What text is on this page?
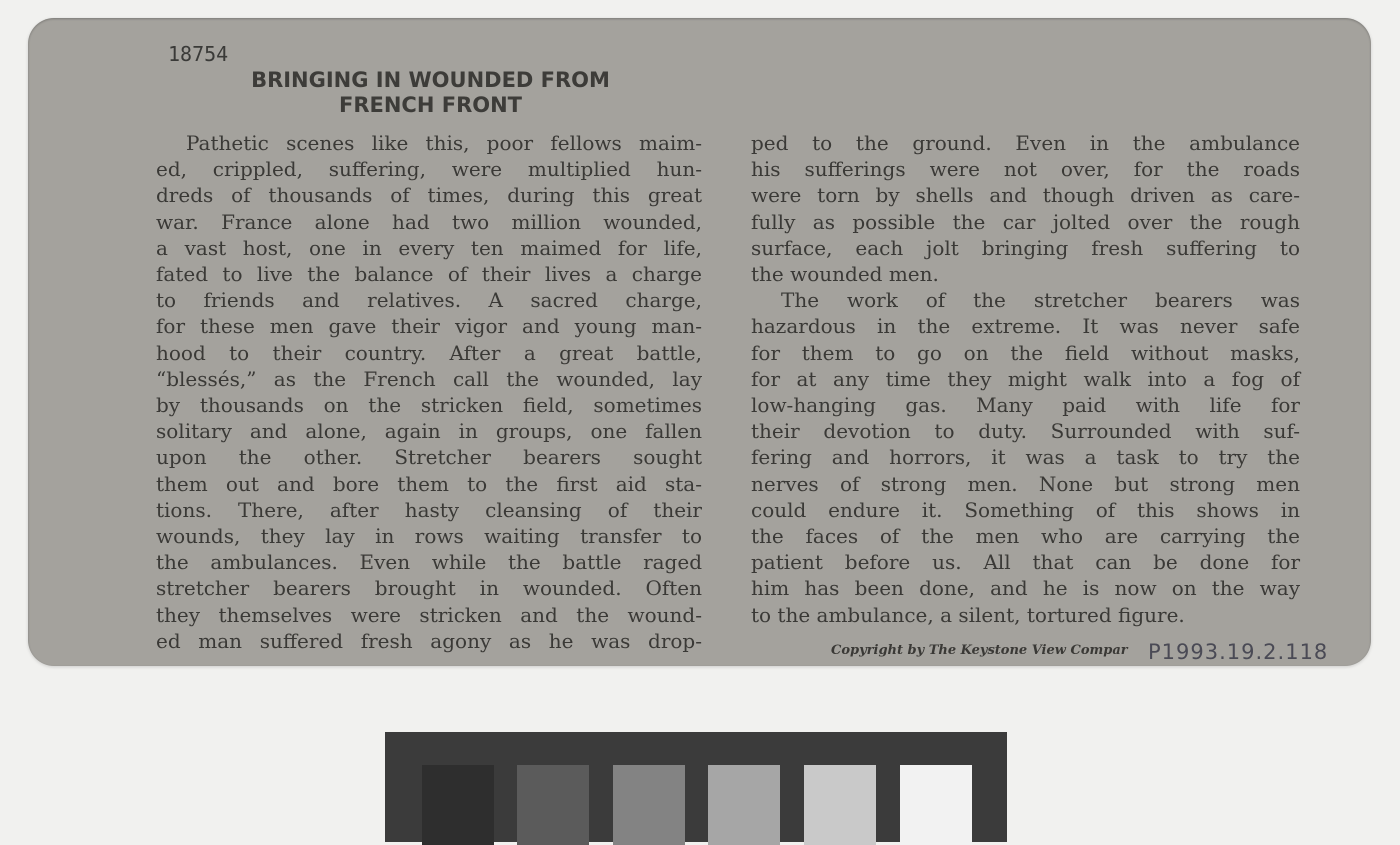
18754
BRINGING IN WOUNDED FROM
FRENCH FRONT
Pathetic scenes like this, poor fellows maim-
ed, crippled, suffering, were multiplied hun-
dreds of thousands of times, during this great
war. France alone had two million wounded,
a vast host, one in every ten maimed for life,
fated to live the balance of their lives a charge
to friends and relatives. A sacred charge,
for these men gave their vigor and young man-
hood to their country. After a great battle,
“blessés,” as the French call the wounded, lay
by thousands on the stricken field, sometimes
solitary and alone, again in groups, one fallen
upon the other. Stretcher bearers sought
them out and bore them to the first aid sta-
tions. There, after hasty cleansing of their
wounds, they lay in rows waiting transfer to
the ambulances. Even while the battle raged
stretcher bearers brought in wounded. Often
they themselves were stricken and the wound-
ed man suffered fresh agony as he was drop-
ped to the ground. Even in the ambulance
his sufferings were not over, for the roads
were torn by shells and though driven as care-
fully as possible the car jolted over the rough
surface, each jolt bringing fresh suffering to
the wounded men.
The work of the stretcher bearers was
hazardous in the extreme. It was never safe
for them to go on the field without masks,
for at any time they might walk into a fog of
low-hanging gas. Many paid with life for
their devotion to duty. Surrounded with suf-
fering and horrors, it was a task to try the
nerves of strong men. None but strong men
could endure it. Something of this shows in
the faces of the men who are carrying the
patient before us. All that can be done for
him has been done, and he is now on the way
to the ambulance, a silent, tortured figure.
Copyright by The Keystone View Compar P1993.19.2.118
